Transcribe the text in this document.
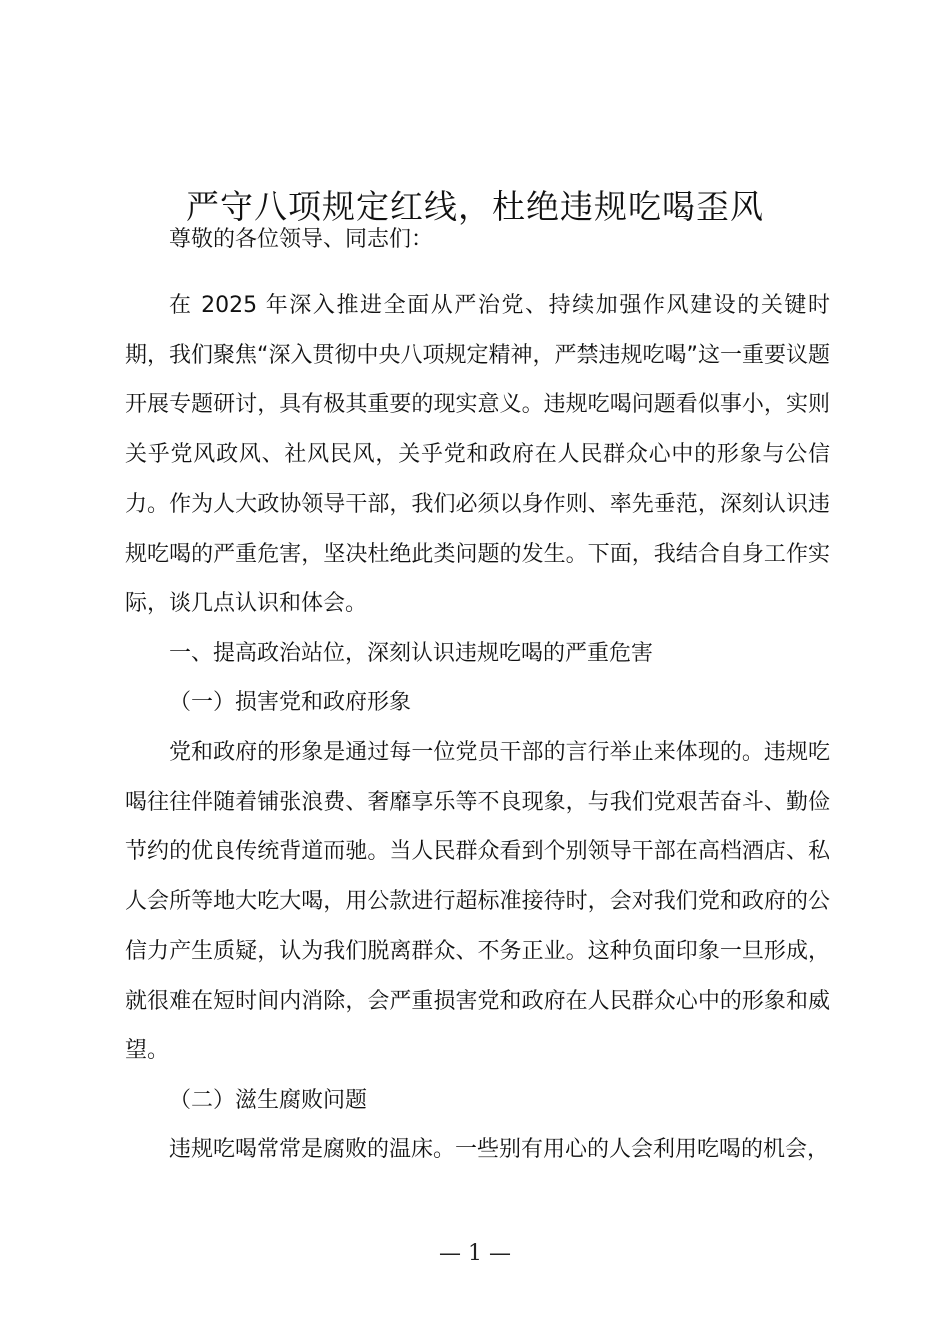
严守八项规定红线，杜绝违规吃喝歪风

尊敬的各位领导、同志们：

在 2025 年深入推进全面从严治党、持续加强作风建设的关键时期，我们聚焦“深入贯彻中央八项规定精神，严禁违规吃喝”这一重要议题开展专题研讨，具有极其重要的现实意义。违规吃喝问题看似事小，实则关乎党风政风、社风民风，关乎党和政府在人民群众心中的形象与公信力。作为人大政协领导干部，我们必须以身作则、率先垂范，深刻认识违规吃喝的严重危害，坚决杜绝此类问题的发生。下面，我结合自身工作实际，谈几点认识和体会。

一、提高政治站位，深刻认识违规吃喝的严重危害

（一）损害党和政府形象

党和政府的形象是通过每一位党员干部的言行举止来体现的。违规吃喝往往伴随着铺张浪费、奢靡享乐等不良现象，与我们党艰苦奋斗、勤俭节约的优良传统背道而驰。当人民群众看到个别领导干部在高档酒店、私人会所等地大吃大喝，用公款进行超标准接待时，会对我们党和政府的公信力产生质疑，认为我们脱离群众、不务正业。这种负面印象一旦形成，就很难在短时间内消除，会严重损害党和政府在人民群众心中的形象和威望。

（二）滋生腐败问题

违规吃喝常常是腐败的温床。一些别有用心的人会利用吃喝的机会，

— 1 —
